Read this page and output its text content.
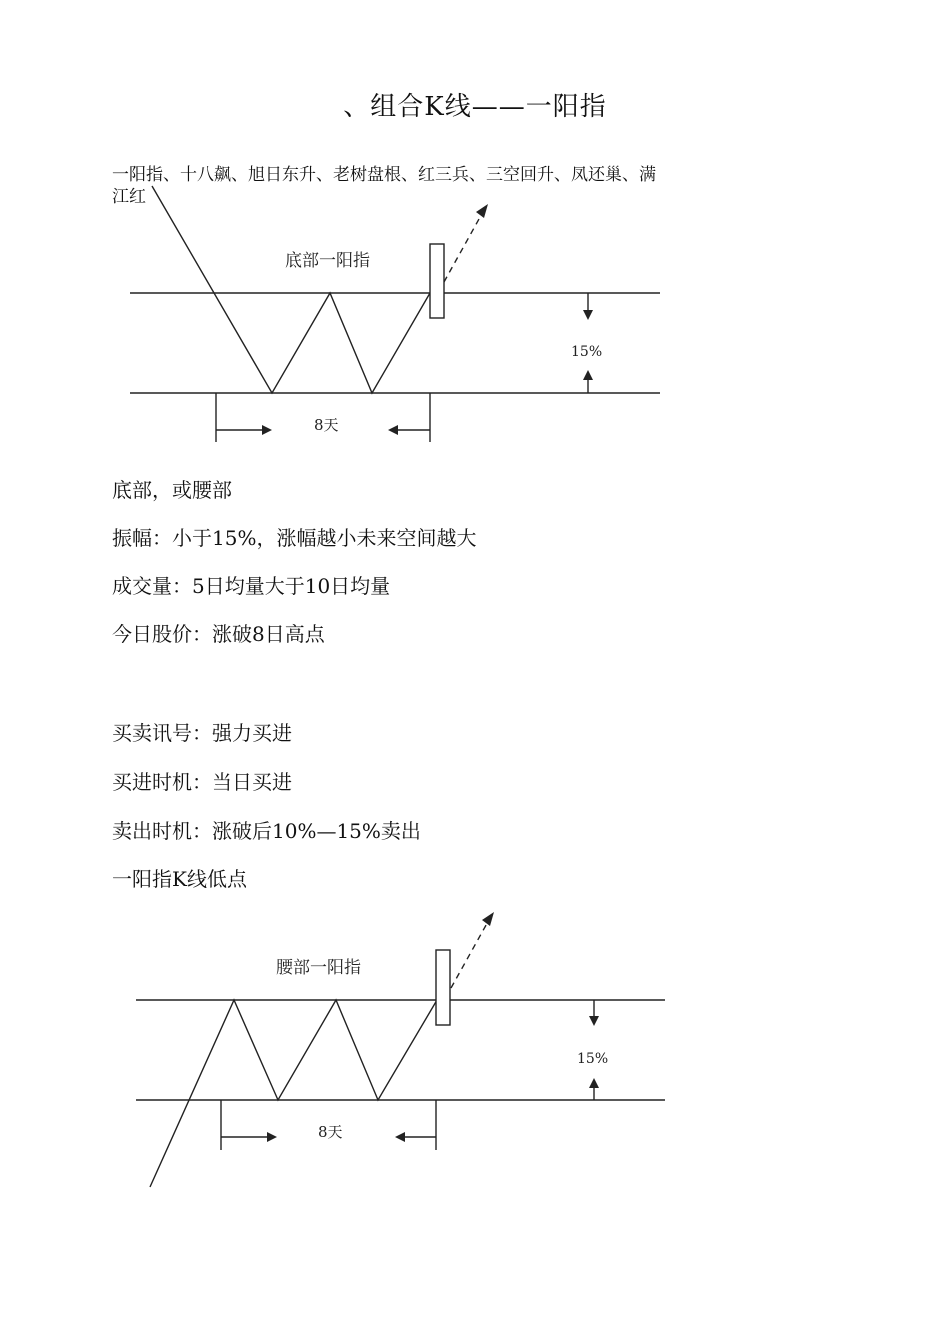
、组合K线——一阳指
一阳指、十八飙、旭日东升、老树盘根、红三兵、三空回升、凤还巢、满江红
底部一阳指
15%
8天
底部，或腰部
振幅：小于15%，涨幅越小未来空间越大
成交量：5日均量大于10日均量
今日股价：涨破8日高点
买卖讯号：强力买进
买进时机：当日买进
卖出时机：涨破后10%—15%卖出
一阳指K线低点
腰部一阳指
15%
8天
